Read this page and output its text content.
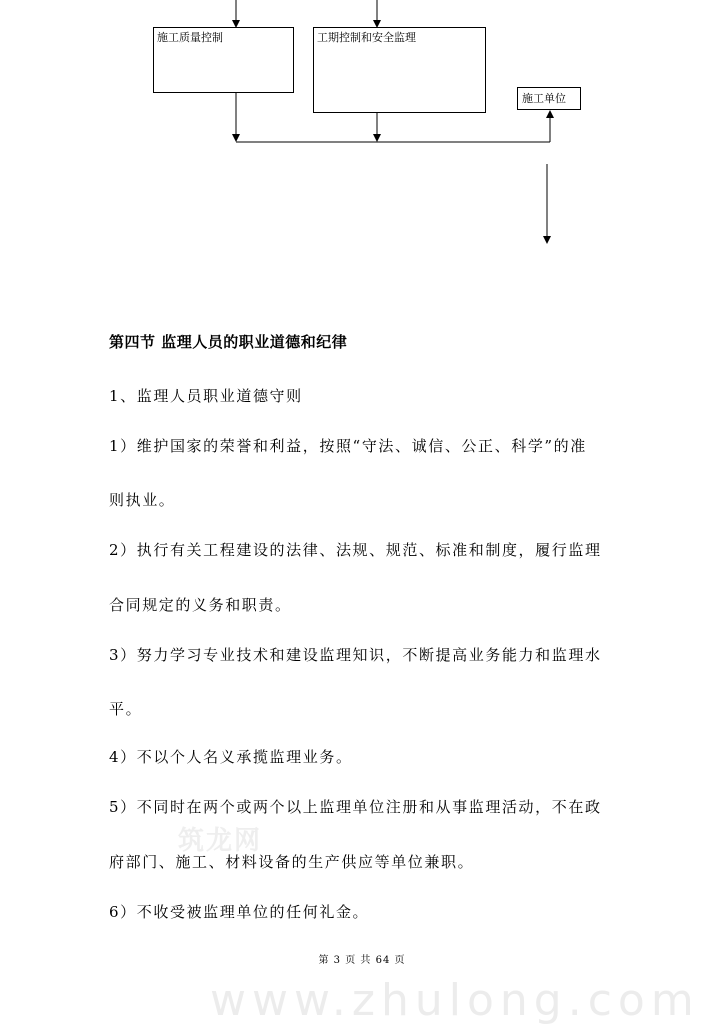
施工质量控制	工期控制和安全监理
施工单位
第四节 监理人员的职业道德和纪律
1、监理人员职业道德守则
1）维护国家的荣誉和利益，按照“守法、诚信、公正、科学”的准
则执业。
2）执行有关工程建设的法律、法规、规范、标准和制度，履行监理
合同规定的义务和职责。
3）努力学习专业技术和建设监理知识，不断提高业务能力和监理水
平。
4）不以个人名义承揽监理业务。
5）不同时在两个或两个以上监理单位注册和从事监理活动，不在政
府部门、施工、材料设备的生产供应等单位兼职。
6）不收受被监理单位的任何礼金。
筑龙网
第 3 页 共 64 页
www.zhulong.com
